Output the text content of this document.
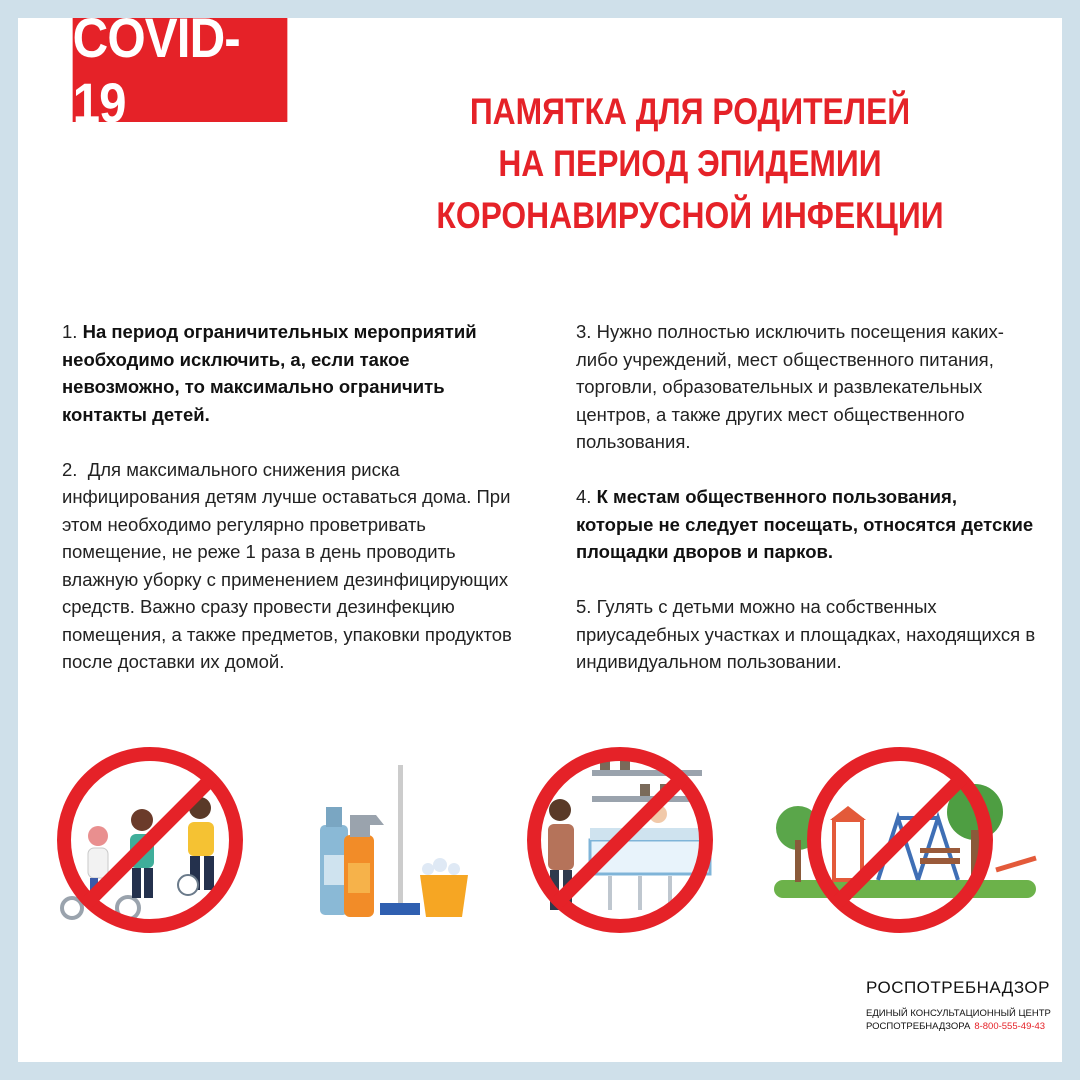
COVID-19	ПАМЯТКА ДЛЯ РОДИТЕЛЕЙ
НА ПЕРИОД ЭПИДЕМИИ
КОРОНАВИРУСНОЙ ИНФЕКЦИИ

1. На период ограничительных мероприятий необходимо исключить, а, если такое невозможно, то максимально ограничить контакты детей.

2. Для максимального снижения риска инфицирования детям лучше оставаться дома. При этом необходимо регулярно проветривать помещение, не реже 1 раза в день проводить влажную уборку с применением дезинфицирующих средств. Важно сразу провести дезинфекцию помещения, а также предметов, упаковки продуктов после доставки их домой.

3. Нужно полностью исключить посещения каких-либо учреждений, мест общественного питания, торговли, образовательных и развлекательных центров, а также других мест общественного пользования.

4. К местам общественного пользования, которые не следует посещать, относятся детские площадки дворов и парков.

5. Гулять с детьми можно на собственных приусадебных участках и площадках, находящихся в индивидуальном пользовании.

РОСПОТРЕБНАДЗОР
ЕДИНЫЙ КОНСУЛЬТАЦИОННЫЙ ЦЕНТР
РОСПОТРЕБНАДЗОРА 8-800-555-49-43
